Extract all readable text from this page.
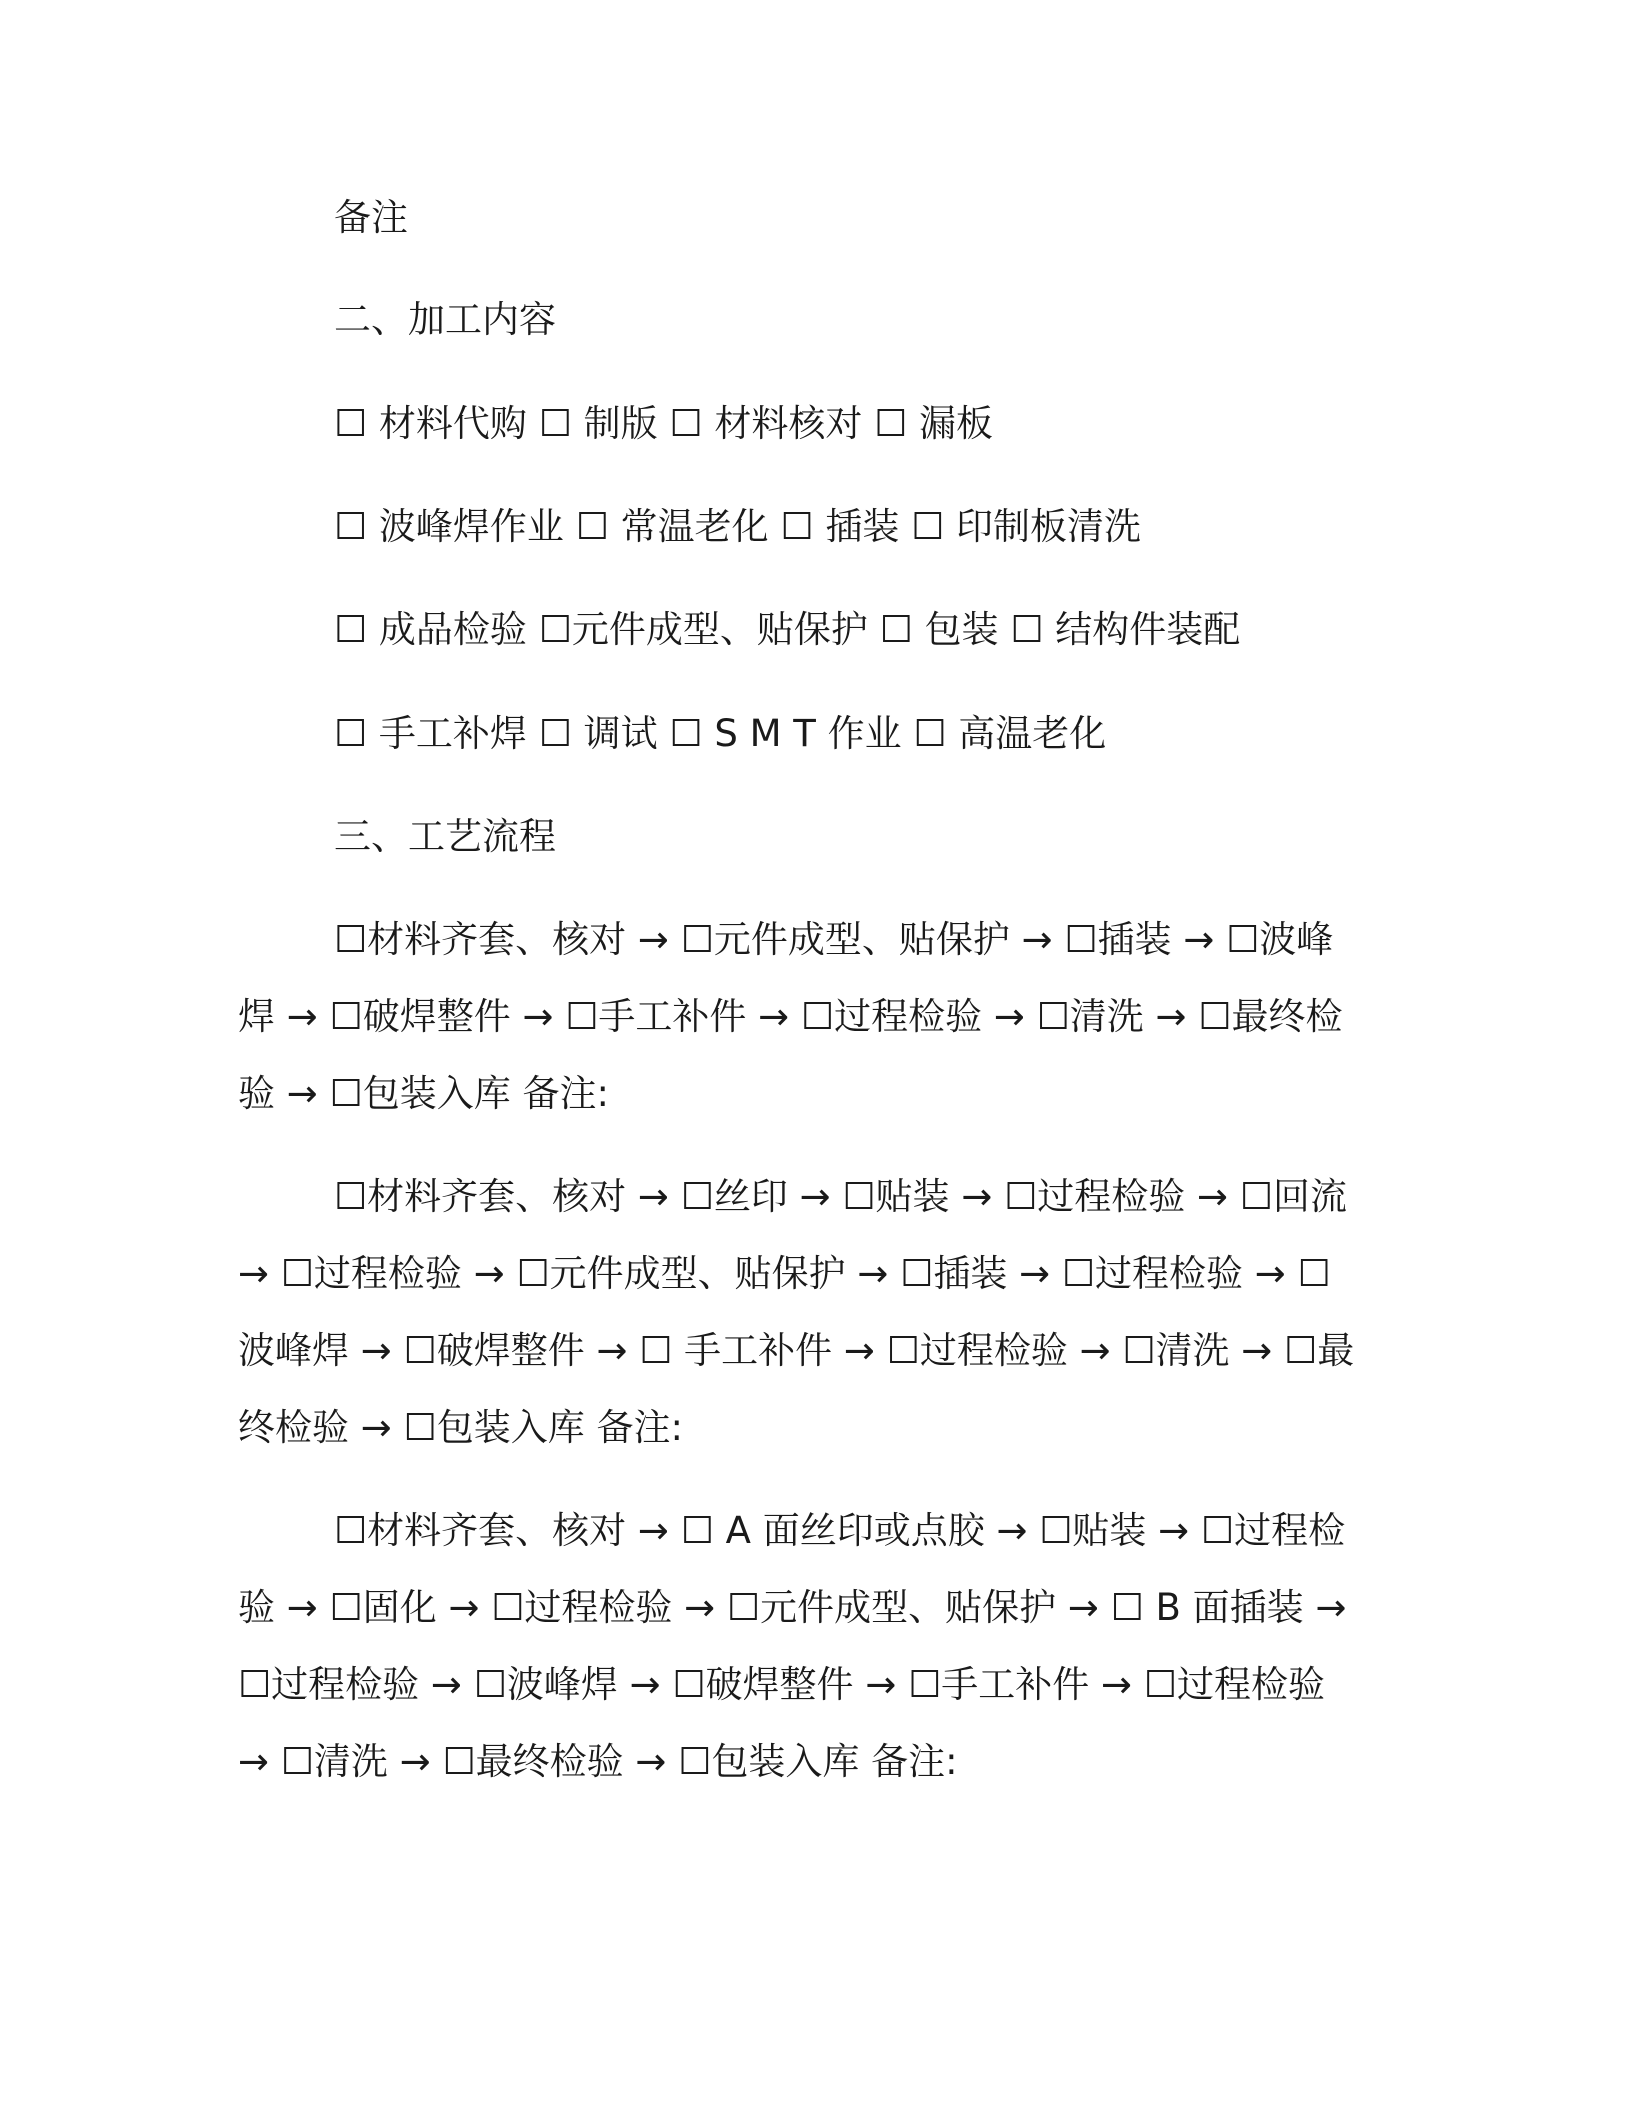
备注
二、加工内容
☐ 材料代购 ☐ 制版 ☐ 材料核对 ☐ 漏板
☐ 波峰焊作业 ☐ 常温老化 ☐ 插装 ☐ 印制板清洗
☐ 成品检验 ☐元件成型、贴保护 ☐ 包装 ☐ 结构件装配
☐ 手工补焊 ☐ 调试 ☐ S M T 作业 ☐ 高温老化
三、工艺流程
☐材料齐套、核对 → ☐元件成型、贴保护 → ☐插装 → ☐波峰
焊 → ☐破焊整件 → ☐手工补件 → ☐过程检验 → ☐清洗 → ☐最终检
验 → ☐包装入库 备注:
☐材料齐套、核对 → ☐丝印 → ☐贴装 → ☐过程检验 → ☐回流
→ ☐过程检验 → ☐元件成型、贴保护 → ☐插装 → ☐过程检验 → ☐
波峰焊 → ☐破焊整件 → ☐ 手工补件 → ☐过程检验 → ☐清洗 → ☐最
终检验 → ☐包装入库 备注:
☐材料齐套、核对 → ☐ A 面丝印或点胶 → ☐贴装 → ☐过程检
验 → ☐固化 → ☐过程检验 → ☐元件成型、贴保护 → ☐ B 面插装 →
☐过程检验 → ☐波峰焊 → ☐破焊整件 → ☐手工补件 → ☐过程检验
→ ☐清洗 → ☐最终检验 → ☐包装入库 备注:
